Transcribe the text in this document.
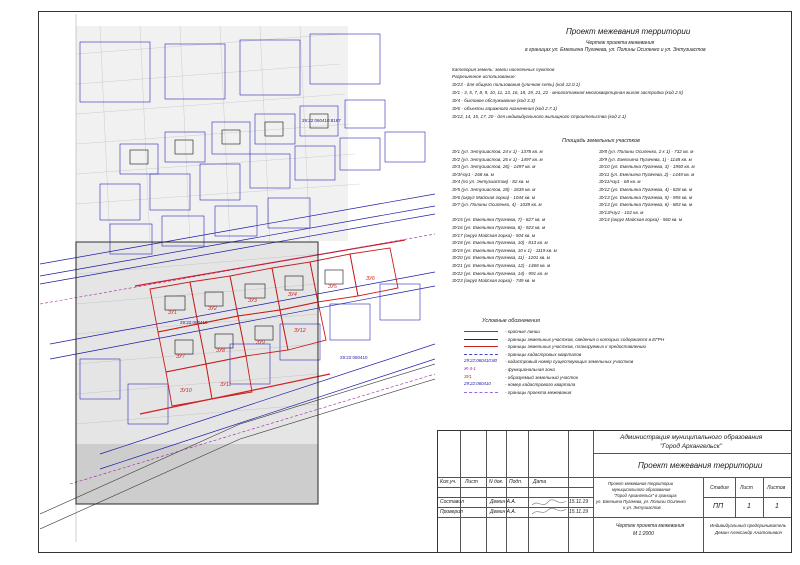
29:22:060410:8167
29:22:060410
29:22:060410
ЗУ1
ЗУ2
ЗУ3
ЗУ4
ЗУ5
ЗУ6
ЗУ7
ЗУ8
ЗУ9
ЗУ10
ЗУ11
ЗУ12
Проект межевания территории
Чертеж проекта межевания
в границах ул. Емельяна Пугачева, ул. Полины Осипенко и ул. Энтузиастов
Категория земель: земли населенных пунктов
Разрешенное использование:
ЗУ23 - для общего пользования (уличная сеть) (код 12.0.1)
ЗУ1 - 3, 5, 7, 8, 9, 10, 11, 13, 16, 18, 19, 21, 22 - многоэтажная многоквартирная жилая застройка (код 2.5)
ЗУ4 - бытовое обслуживание (код 3.3)
ЗУ6 - объекты гаражного назначения (код 2.7.1)
ЗУ12, 14, 15, 17, 20 - для индивидуального жилищного строительства (код 2.1)
Площадь земельных участков
ЗУ1 (ул. Энтузиастов, 24 к 1) - 1378 кв. м
ЗУ2 (ул. Энтузиастов, 26 к 1) - 1497 кв. м
ЗУ3 (ул. Энтузиастов, 26) - 1497 кв. м
ЗУ3/чзу1 - 268 кв. м
ЗУ4 (по ул. Энтузиастов) - 82 кв. м
ЗУ5 (ул. Энтузиастов, 28) - 1835 кв. м
ЗУ6 (округ Майская горка) - 1044 кв. м
ЗУ7 (ул. Полины Осипенко, 4) - 1039 кв. м
ЗУ15 (ул. Емельяна Пугачева, 7) - 827 кв. м
ЗУ16 (ул. Емельяна Пугачева, 8) - 923 кв. м
ЗУ17 (округ Майская горка) - 504 кв. м
ЗУ18 (ул. Емельяна Пугачева, 10) - 813 кв. м
ЗУ19 (ул. Емельяна Пугачева, 10 к 1) - 1119 кв. м
ЗУ20 (ул. Емельяна Пугачева, 11) - 1201 кв. м
ЗУ21 (ул. Емельяна Пугачева, 12) - 1468 кв. м
ЗУ22 (ул. Емельяна Пугачева, 14) - 991 кв. м
ЗУ23 (округ Майская горка) - 749 кв. м
ЗУ8 (ул. Полины Осипенко, 2 к 1) - 732 кв. м
ЗУ9 (ул. Емельяна Пугачева, 1) - 1148 кв. м
ЗУ10 (ул. Емельяна Пугачева, 3) - 1950 кв. м
ЗУ11 (ул. Емельяна Пугачева, 2) - 1449 кв. м
ЗУ11/чзу1 - 68 кв. м
ЗУ12 (ул. Емельяна Пугачева, 4) - 828 кв. м
ЗУ13 (ул. Емельяна Пугачева, 5) - 955 кв. м
ЗУ13 (ул. Емельяна Пугачева, 6) - 883 кв. м
ЗУ13/чзу1 - 102 кв. м
ЗУ14 (округ Майская горка) - 560 кв. м
Условные обозначения
- красные линии
- границы земельных участков, сведения о которых содержатся в ЕГРН
- границы земельных участков, планируемых к предоставлению
- границы кадастровых кварталов
29:22:060410:80 - кадастровый номер существующих земельных участков
Ж-4-1	- функциональная зона
ЗУ1	- образуемый земельный участок
29:22:060410	- номер кадастрового квартала
- границы проекта межевания
Администрация муниципального образования
"Город Архангельск"
Проект межевания территории
Кол.уч. Лист N док. Подп. Дата
Составил	Демин А.А.	15.11.19
Проверил	Демин А.А.	15.11.19
Проект межевания территории
муниципального образования
"Город Архангельск" в границах
ул. Емельяна Пугачева, ул. Полины Осипенко
и ул. Энтузиастов
Стадия Лист	Листов
ПП	1	1
Чертеж проекта межевания
М 1:2000
Индивидуальный предприниматель
Демин Александр Анатольевич
